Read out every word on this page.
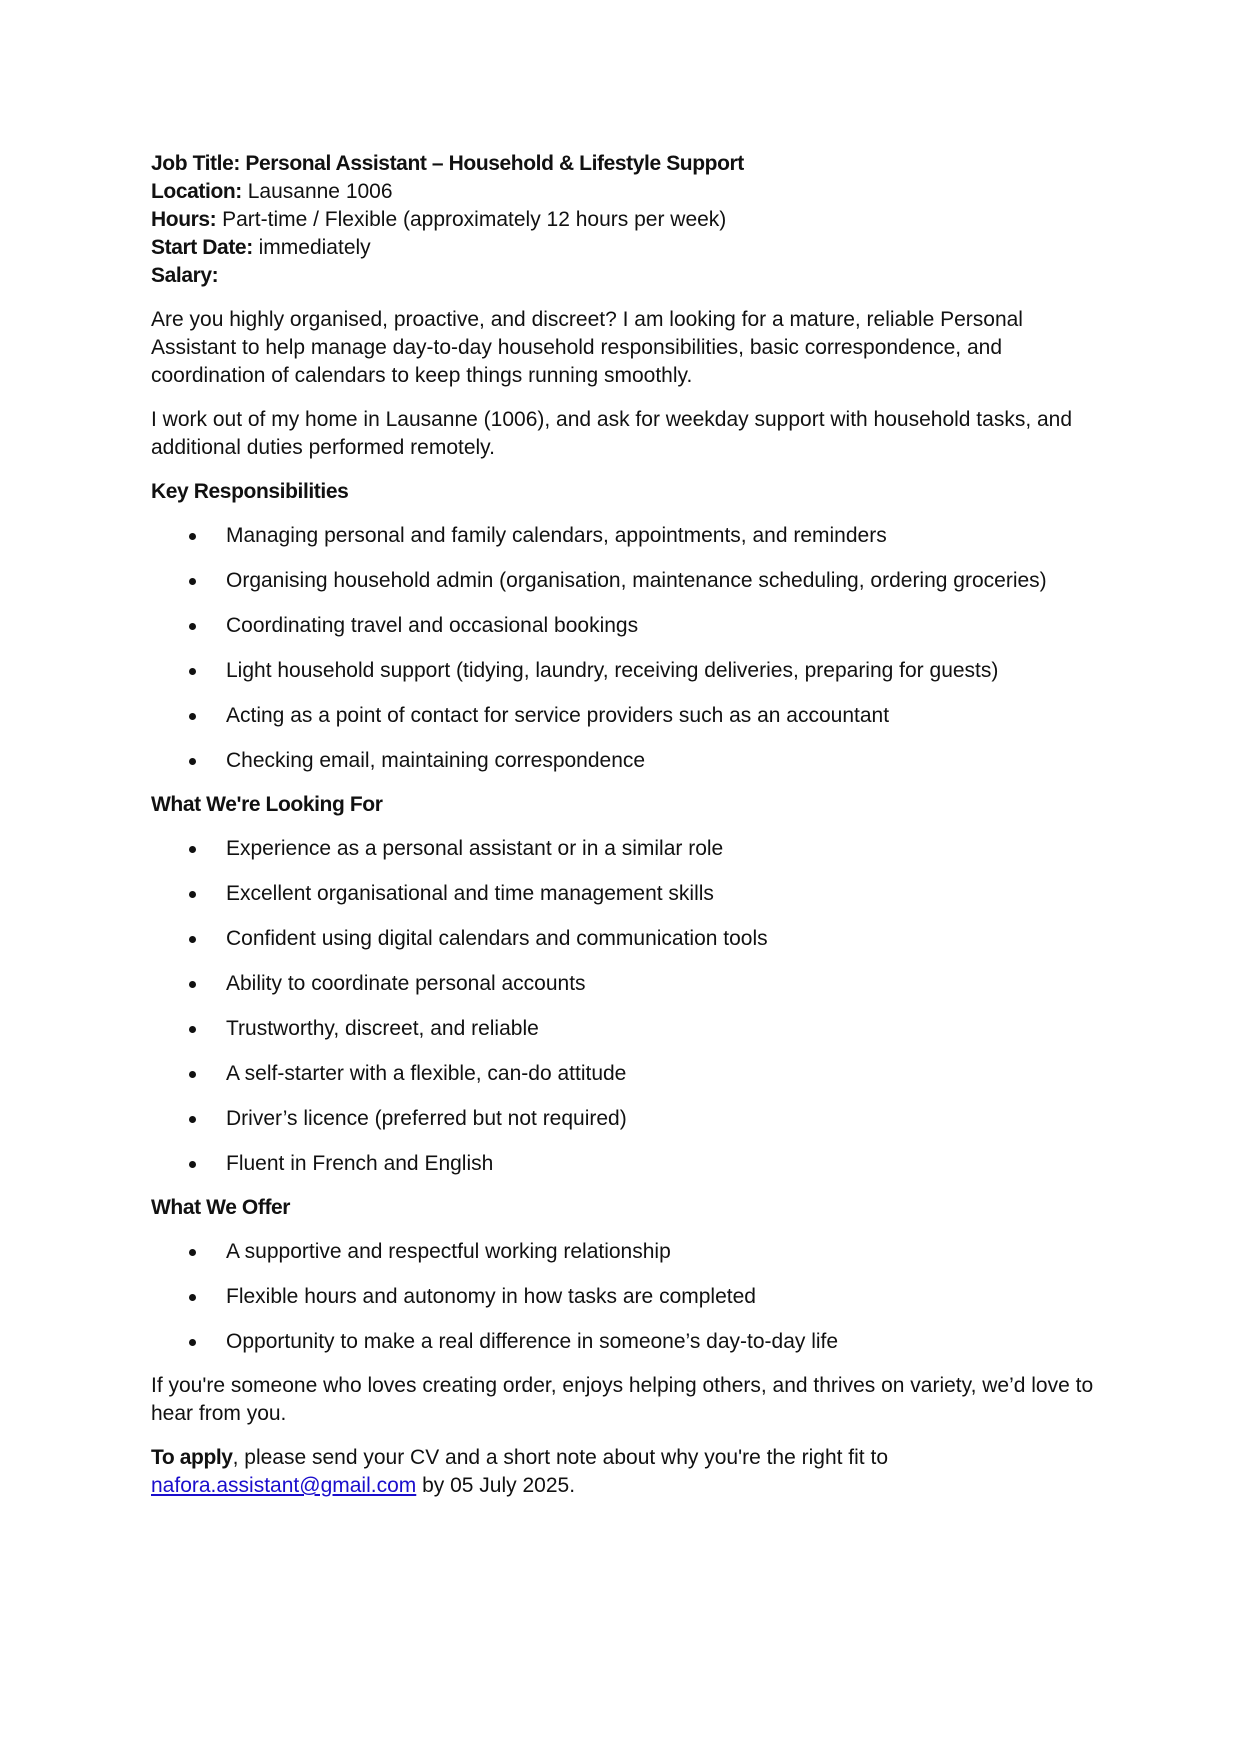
Job Title: Personal Assistant – Household & Lifestyle Support
Location: Lausanne 1006
Hours: Part-time / Flexible (approximately 12 hours per week)
Start Date: immediately
Salary:

Are you highly organised, proactive, and discreet? I am looking for a mature, reliable Personal Assistant to help manage day-to-day household responsibilities, basic correspondence, and coordination of calendars to keep things running smoothly.

I work out of my home in Lausanne (1006), and ask for weekday support with household tasks, and additional duties performed remotely.

Key Responsibilities
Managing personal and family calendars, appointments, and reminders
Organising household admin (organisation, maintenance scheduling, ordering groceries)
Coordinating travel and occasional bookings
Light household support (tidying, laundry, receiving deliveries, preparing for guests)
Acting as a point of contact for service providers such as an accountant
Checking email, maintaining correspondence
What We're Looking For
Experience as a personal assistant or in a similar role
Excellent organisational and time management skills
Confident using digital calendars and communication tools
Ability to coordinate personal accounts
Trustworthy, discreet, and reliable
A self-starter with a flexible, can-do attitude
Driver’s licence (preferred but not required)
Fluent in French and English
What We Offer
A supportive and respectful working relationship
Flexible hours and autonomy in how tasks are completed
Opportunity to make a real difference in someone’s day-to-day life

If you're someone who loves creating order, enjoys helping others, and thrives on variety, we’d love to hear from you.

To apply, please send your CV and a short note about why you're the right fit to nafora.assistant@gmail.com by 05 July 2025.
